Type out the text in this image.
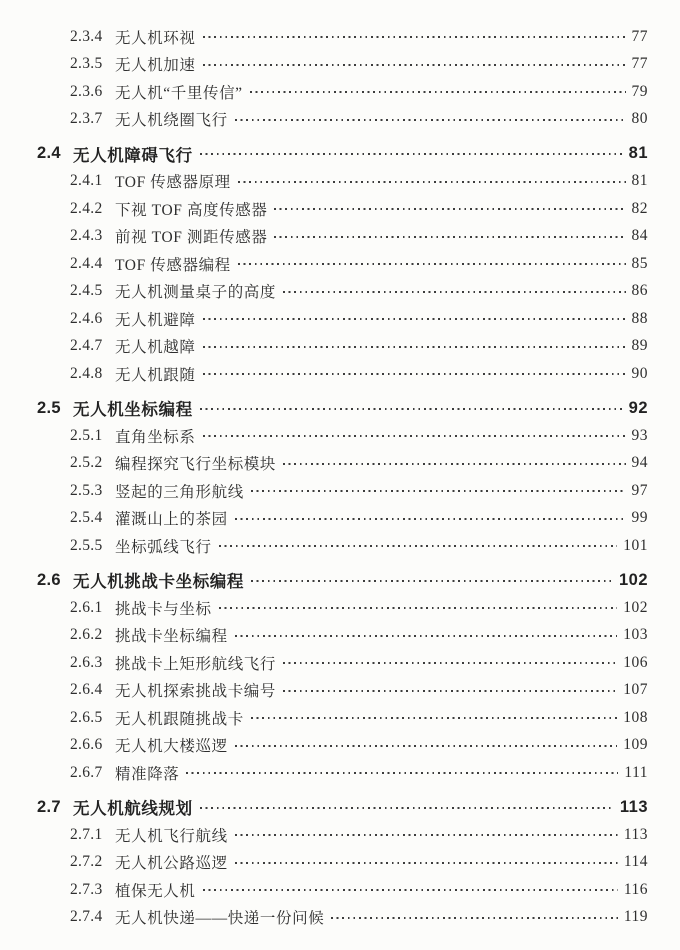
2.3.4 无人机环视	77
2.3.5 无人机加速	77
2.3.6 无人机“千里传信”	79
2.3.7 无人机绕圈飞行	80
2.4 无人机障碍飞行	81
2.4.1 TOF 传感器原理	81
2.4.2 下视 TOF 高度传感器	82
2.4.3 前视 TOF 测距传感器	84
2.4.4 TOF 传感器编程	85
2.4.5 无人机测量桌子的高度	86
2.4.6 无人机避障	88
2.4.7 无人机越障	89
2.4.8 无人机跟随	90
2.5 无人机坐标编程	92
2.5.1 直角坐标系	93
2.5.2 编程探究飞行坐标模块	94
2.5.3 竖起的三角形航线	97
2.5.4 灌溉山上的茶园	99
2.5.5 坐标弧线飞行	101
2.6 无人机挑战卡坐标编程	102
2.6.1 挑战卡与坐标	102
2.6.2 挑战卡坐标编程	103
2.6.3 挑战卡上矩形航线飞行	106
2.6.4 无人机探索挑战卡编号	107
2.6.5 无人机跟随挑战卡	108
2.6.6 无人机大楼巡逻	109
2.6.7 精准降落	111
2.7 无人机航线规划	113
2.7.1 无人机飞行航线	113
2.7.2 无人机公路巡逻	114
2.7.3 植保无人机	116
2.7.4 无人机快递——快递一份问候	119
